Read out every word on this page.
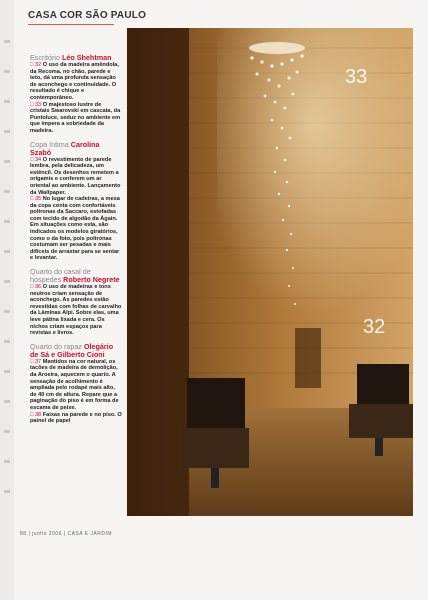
CASA COR SÃO PAULO
Escritório Léo Shehtman
□ 32 O uso da madeira amêndola, da Recoma, no chão, parede e teto, dá uma profunda sensação de aconchego e continuidade. O resultado é chique e contemporâneo.
□ 33 O majestoso lustre de cristais Swarovski em cascata, da Puntoluce, seduz no ambiente em que impera a sobriedade da madeira.
Copa íntima Carolina Szabó
□ 34 O revestimento de parede lembra, pela delicadeza, um estêncil. Os desenhos remetem a origamis e conferem um ar oriental ao ambiente. Lançamento da Wallpaper.
□ 35 No lugar de cadeiras, a mesa da copa conta com confortáveis poltronas da Saccaro, estofadas com tecido de algodão da Àgain. Em situações como esta, são indicados os modelos giratórios, como o da foto, pois poltronas costumam ser pesadas e mais difíceis de arrastar para se sentar e levantar.
Quarto do casal de hóspedes Roberto Negrete
□ 36 O uso de madeiras e tons neutros criam sensação de aconchego. As paredes estão revestidas com folhas de carvalho da Lâminas Alpi. Sobre elas, uma leve pátina lixada e cera. Os nichos criam espaços para revistas e livros.
Quarto do rapaz Olegário de Sá e Gilberto Cioni
□ 37 Mantidos na cor natural, os tacões de madeira de demolição, da Aroeira, aquecem o quarto. A sensação de acolhimento é ampliada pelo rodapé mais alto, de 40 cm de altura. Repare que a paginação do piso é em forma de escama de peixe.
□ 38 Faixas na parede e no piso. O painel de papel
33
32
88 | junho 2006 | CASA E JARDIM
